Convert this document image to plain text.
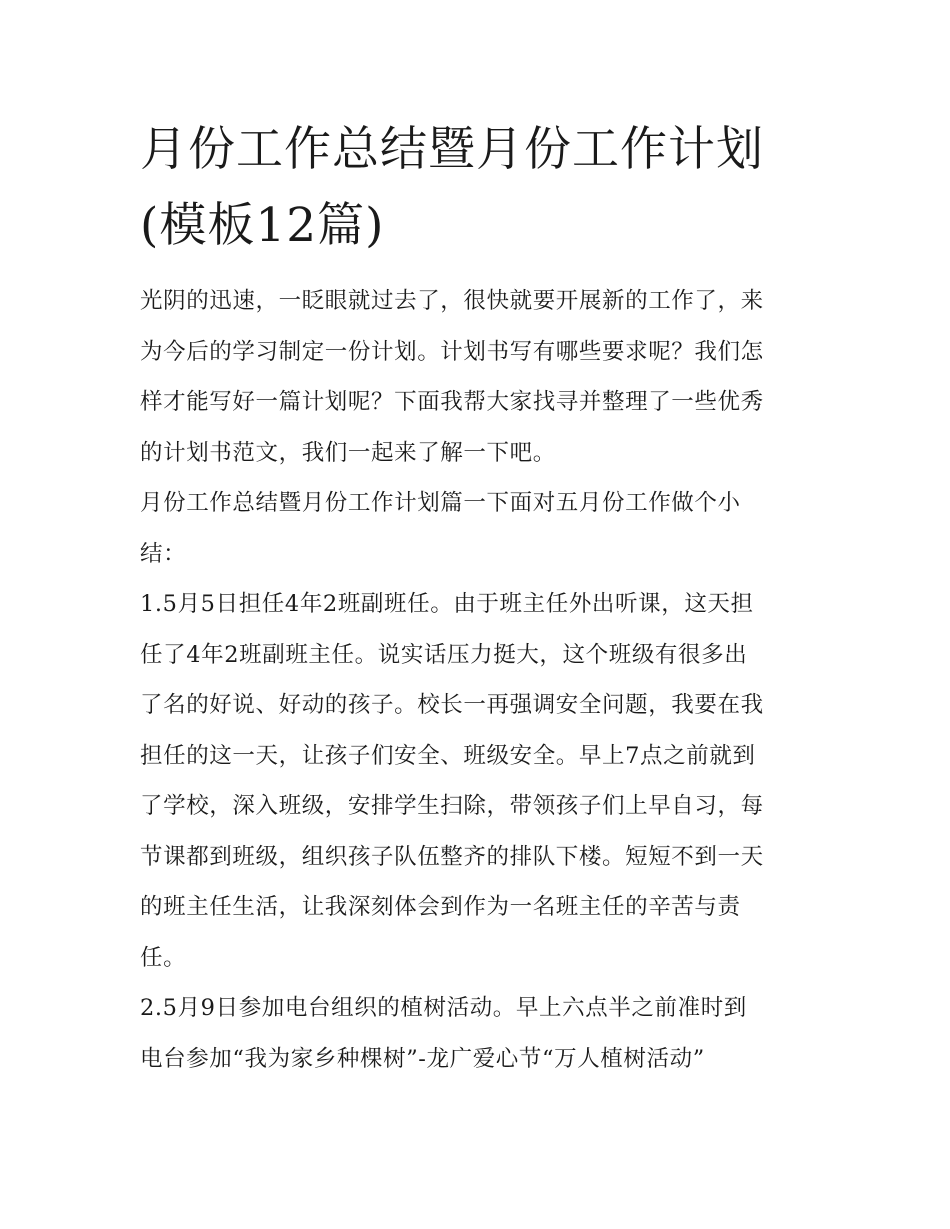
月份工作总结暨月份工作计划
(模板12篇)

光阴的迅速，一眨眼就过去了，很快就要开展新的工作了，来
为今后的学习制定一份计划。计划书写有哪些要求呢？我们怎
样才能写好一篇计划呢？下面我帮大家找寻并整理了一些优秀
的计划书范文，我们一起来了解一下吧。

月份工作总结暨月份工作计划篇一下面对五月份工作做个小
结：

1.5月5日担任4年2班副班任。由于班主任外出听课，这天担
任了4年2班副班主任。说实话压力挺大，这个班级有很多出
了名的好说、好动的孩子。校长一再强调安全问题，我要在我
担任的这一天，让孩子们安全、班级安全。早上7点之前就到
了学校，深入班级，安排学生扫除，带领孩子们上早自习，每
节课都到班级，组织孩子队伍整齐的排队下楼。短短不到一天
的班主任生活，让我深刻体会到作为一名班主任的辛苦与责
任。

2.5月9日参加电台组织的植树活动。早上六点半之前准时到
电台参加“我为家乡种棵树”-龙广爱心节“万人植树活动”
